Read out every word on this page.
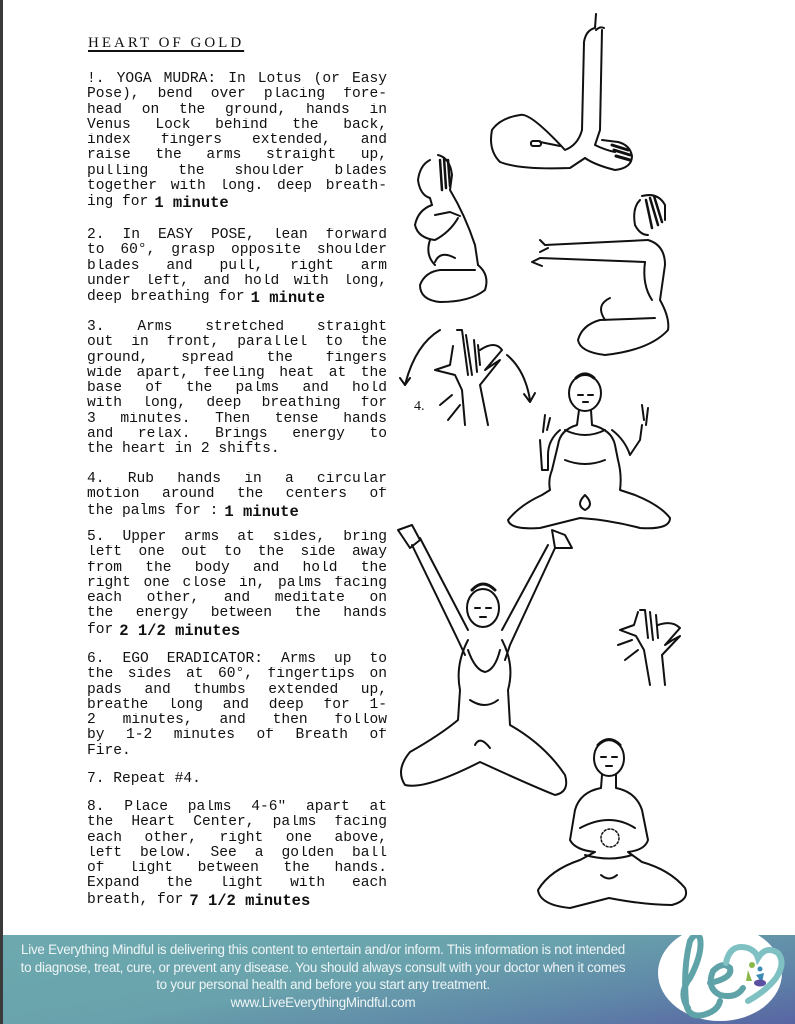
HEART OF GOLD
!. YOGA MUDRA: In Lotus (or Easy
Pose), bend over placing fore-
head on the ground, hands in
Venus Lock behind the back,
index fingers extended, and
raise the arms straight up,
pulling the shoulder blades
together with long. deep breath-
ing for 1 minute
2. In EASY POSE, lean forward
to 60°, grasp opposite shoulder
blades and pull, right arm
under left, and hold with long,
deep breathing for 1 minute
3. Arms stretched straight
out in front, parallel to the
ground, spread the fingers
wide apart, feeling heat at the
base of the palms and hold
with long, deep breathing for
3 minutes. Then tense hands
and relax. Brings energy to
the heart in 2 shifts.
4. Rub hands in a circular
motion around the centers of
the palms for : 1 minute
5. Upper arms at sides, bring
left one out to the side away
from the body and hold the
right one close in, palms facing
each other, and meditate on
the energy between the hands
for 2 1/2 minutes
6. EGO ERADICATOR: Arms up to
the sides at 60°, fingertips on
pads and thumbs extended up,
breathe long and deep for 1-
2 minutes, and then follow
by 1-2 minutes of Breath of
Fire.
7. Repeat #4.
8. Place palms 4-6" apart at
the Heart Center, palms facing
each other, right one above,
left below. See a golden ball
of light between the hands.
Expand the light with each
breath, for 7 1/2 minutes
4.
Live Everything Mindful is delivering this content to entertain and/or inform. This information is not intended
to diagnose, treat, cure, or prevent any disease. You should always consult with your doctor when it comes
to your personal health and before you start any treatment.
www.LiveEverythingMindful.com
